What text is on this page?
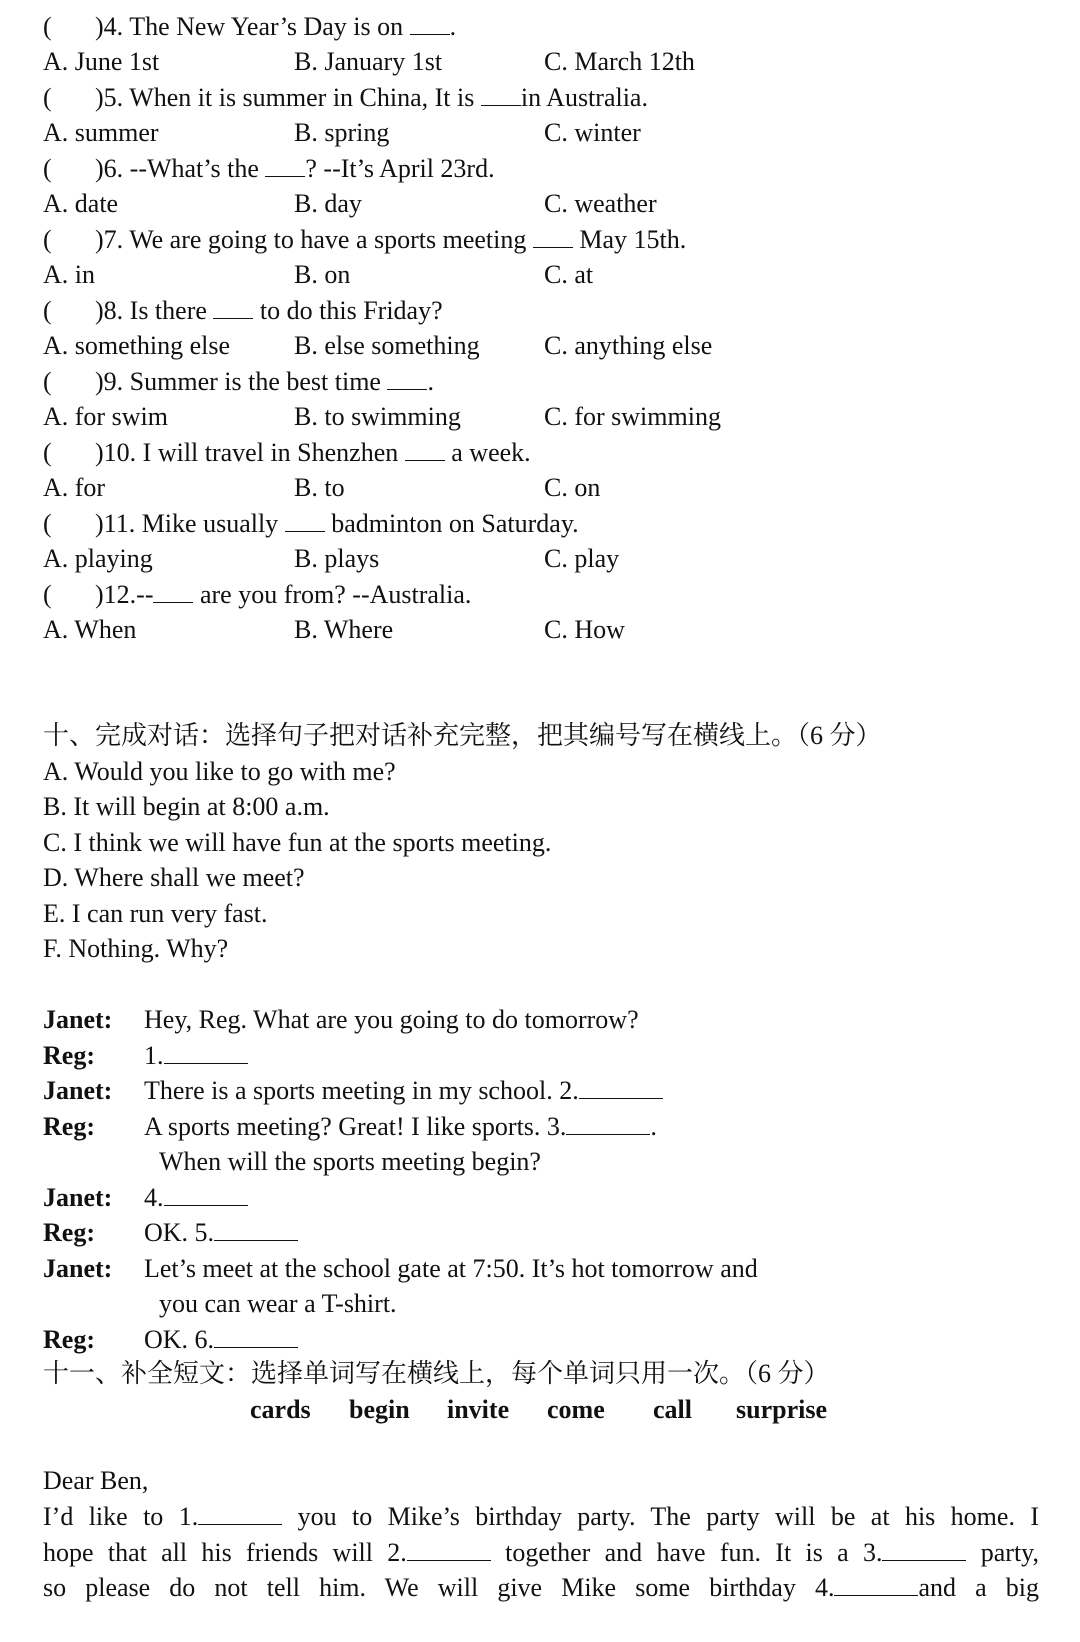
( )4. The New Year’s Day is on .
A. June 1st	B. January 1st	C. March 12th
( )5. When it is summer in China, It is in Australia.
A. summer	B. spring	C. winter
( )6. --What’s the ? --It’s April 23rd.
A. date	B. day	C. weather
( )7. We are going to have a sports meeting  May 15th.
A. in	B. on	C. at
( )8. Is there  to do this Friday?
A. something else B. else something C. anything else
( )9. Summer is the best time .
A. for swim	B. to swimming	C. for swimming
( )10. I will travel in Shenzhen  a week.
A. for	B. to	C. on
( )11. Mike usually  badminton on Saturday.
A. playing	B. plays	C. play
( )12.-- are you from? --Australia.
A. When	B. Where	C. How
十、完成对话：选择句子把对话补充完整，把其编号写在横线上。（6 分）
A. Would you like to go with me?
B. It will begin at 8:00 a.m.
C. I think we will have fun at the sports meeting.
D. Where shall we meet?
E. I can run very fast.
F. Nothing. Why?
Janet: Hey, Reg. What are you going to do tomorrow?
Reg: 1.
Janet: There is a sports meeting in my school. 2.
Reg: A sports meeting? Great! I like sports. 3.	.
When will the sports meeting begin?
Janet: 4.
Reg: OK. 5.
Janet: Let’s meet at the school gate at 7:50. It’s hot tomorrow and
you can wear a T-shirt.
Reg: OK. 6.
十一、补全短文：选择单词写在横线上，每个单词只用一次。（6 分）
cards begin invite come call surprise
Dear Ben,
I’d like to 1.	you to Mike’s birthday party. The party will be at his home. I
hope that all his friends will 2.	together and have fun. It is a 3.	party,
so please do not tell him. We will give Mike some birthday 4.	and a big
